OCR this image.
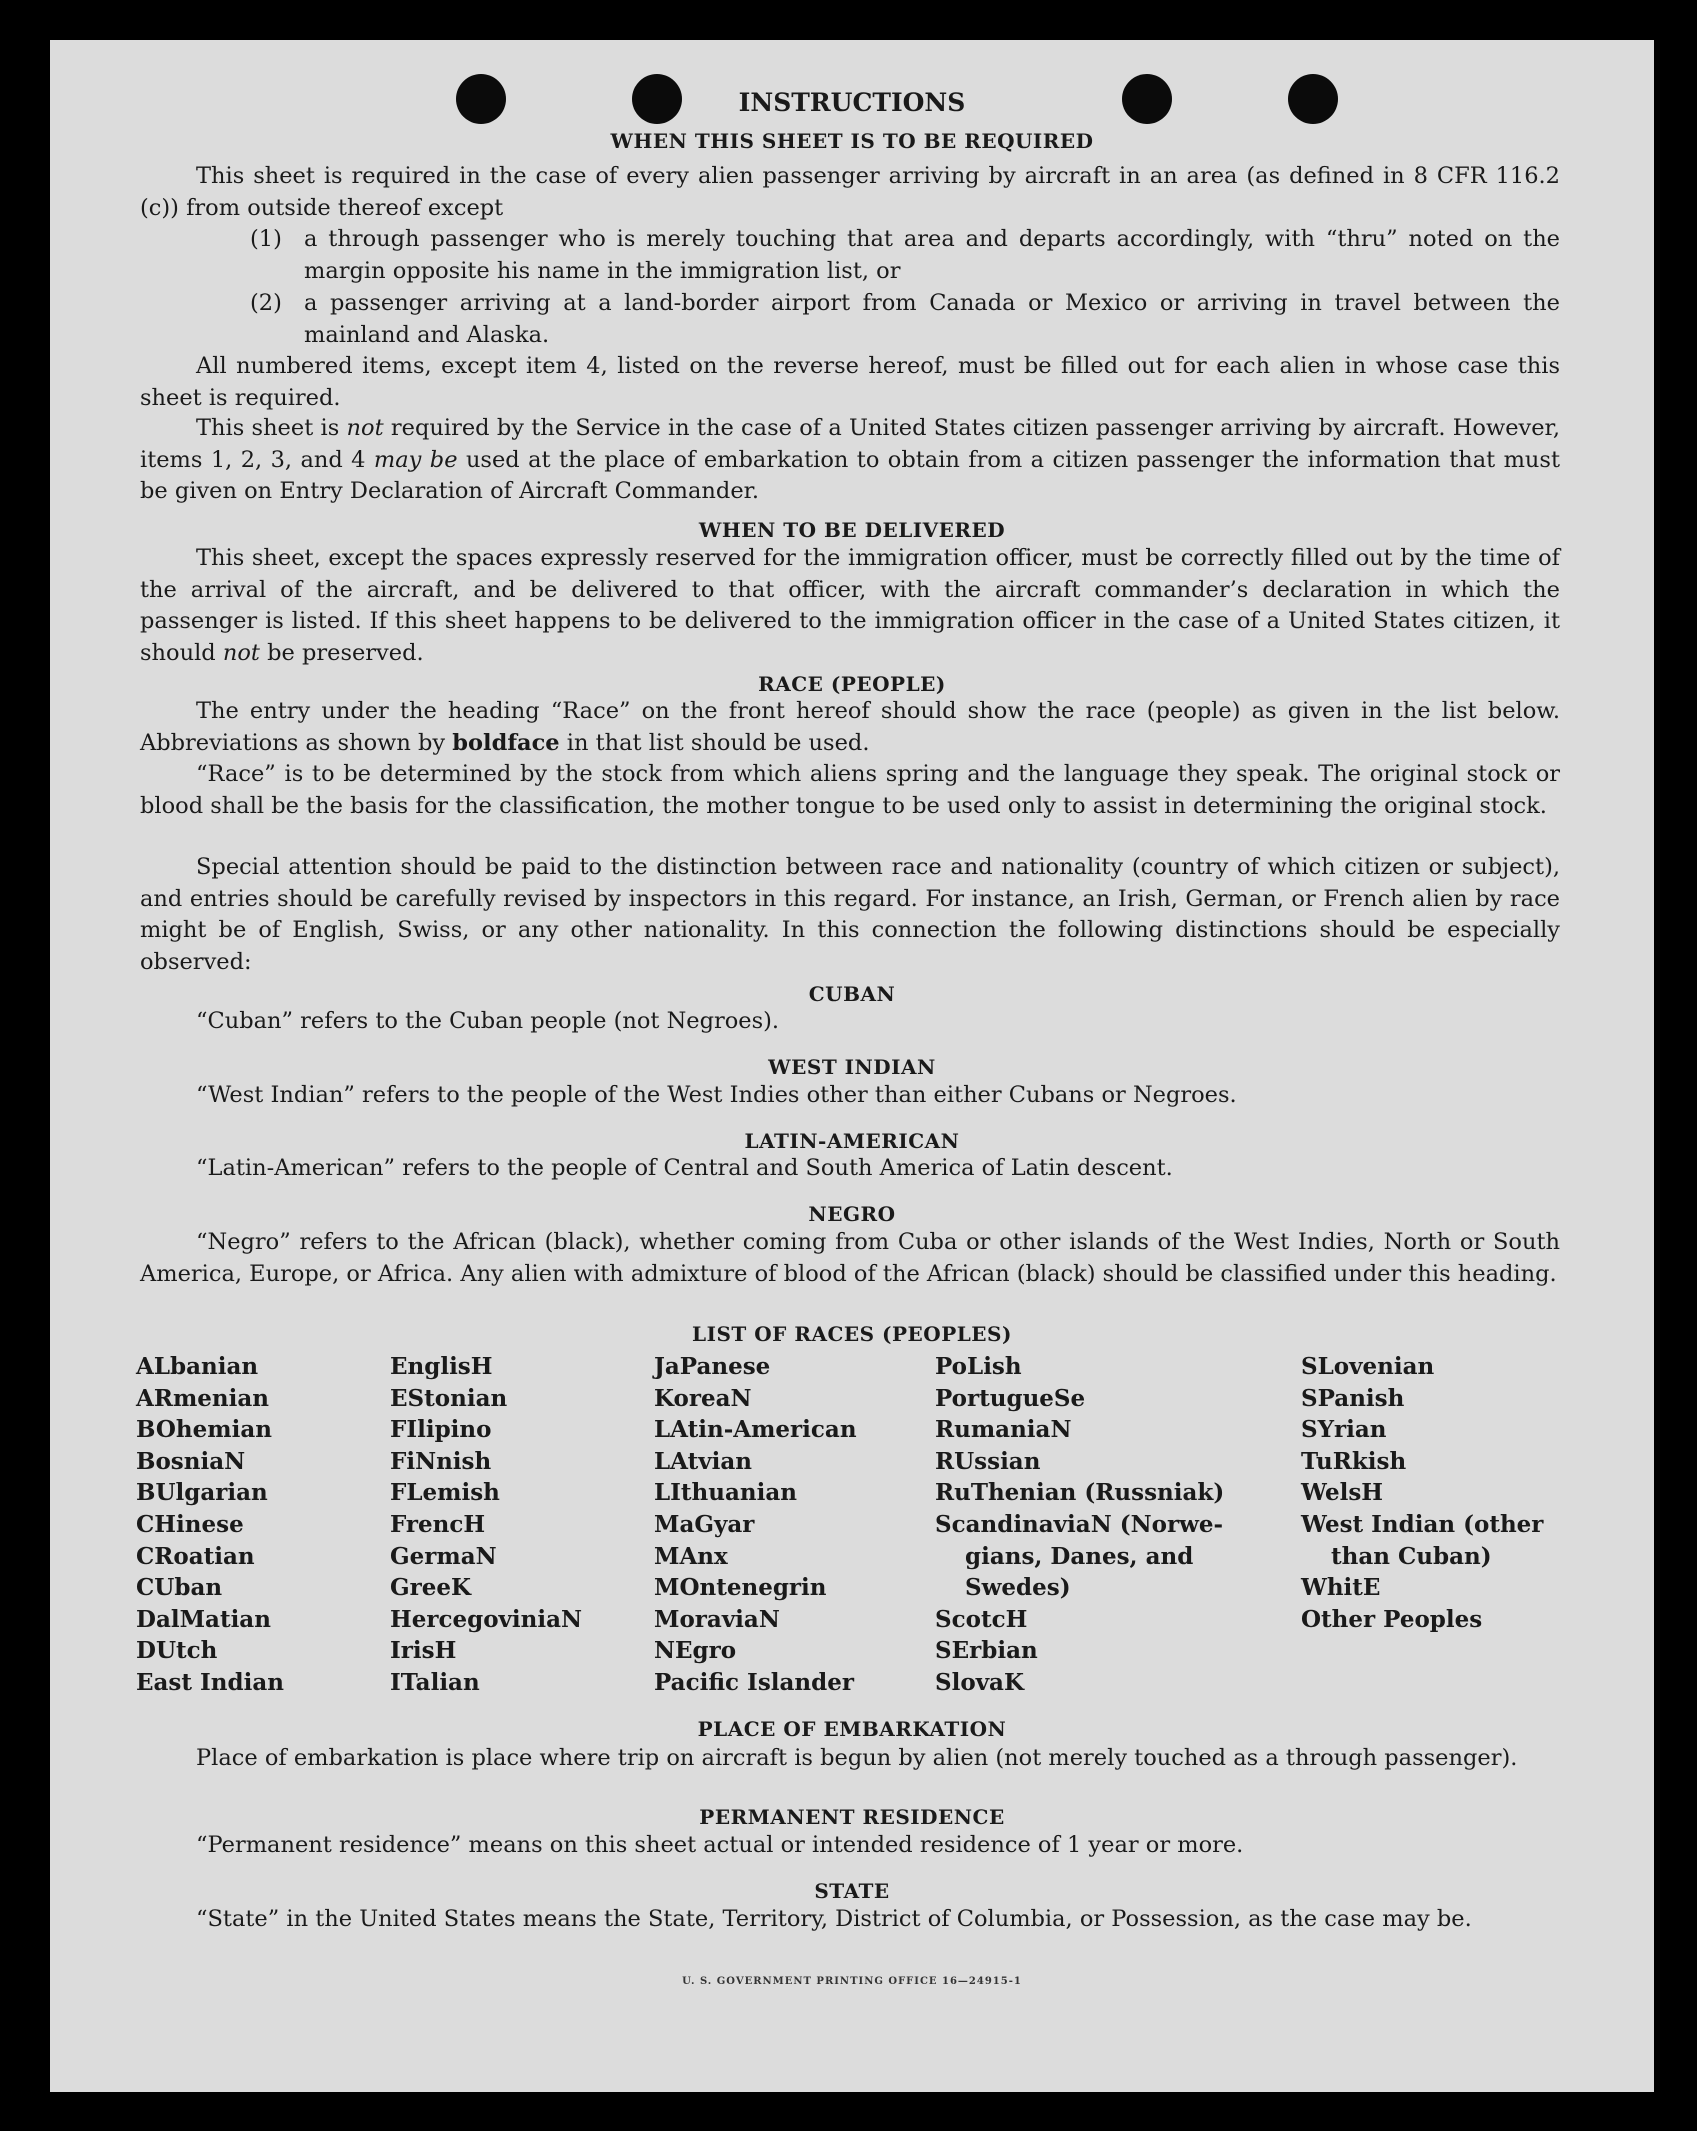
INSTRUCTIONS
WHEN THIS SHEET IS TO BE REQUIRED
This sheet is required in the case of every alien passenger arriving by aircraft in an area (as defined in 8 CFR 116.2 (c)) from outside thereof except
(1) a through passenger who is merely touching that area and departs accordingly, with “thru” noted on the margin opposite his name in the immigration list, or
(2) a passenger arriving at a land-border airport from Canada or Mexico or arriving in travel between the mainland and Alaska.
All numbered items, except item 4, listed on the reverse hereof, must be filled out for each alien in whose case this sheet is required.
This sheet is not required by the Service in the case of a United States citizen passenger arriving by aircraft. However, items 1, 2, 3, and 4 may be used at the place of embarkation to obtain from a citizen passenger the information that must be given on Entry Declaration of Aircraft Commander.
WHEN TO BE DELIVERED
This sheet, except the spaces expressly reserved for the immigration officer, must be correctly filled out by the time of the arrival of the aircraft, and be delivered to that officer, with the aircraft commander’s declaration in which the passenger is listed. If this sheet happens to be delivered to the immigration officer in the case of a United States citizen, it should not be preserved.
RACE (PEOPLE)
The entry under the heading “Race” on the front hereof should show the race (people) as given in the list below. Abbreviations as shown by boldface in that list should be used.
“Race” is to be determined by the stock from which aliens spring and the language they speak. The original stock or blood shall be the basis for the classification, the mother tongue to be used only to assist in determining the original stock.
Special attention should be paid to the distinction between race and nationality (country of which citizen or subject), and entries should be carefully revised by inspectors in this regard. For instance, an Irish, German, or French alien by race might be of English, Swiss, or any other nationality. In this connection the following distinctions should be especially observed:
CUBAN
“Cuban” refers to the Cuban people (not Negroes).
WEST INDIAN
“West Indian” refers to the people of the West Indies other than either Cubans or Negroes.
LATIN-AMERICAN
“Latin-American” refers to the people of Central and South America of Latin descent.
NEGRO
“Negro” refers to the African (black), whether coming from Cuba or other islands of the West Indies, North or South America, Europe, or Africa. Any alien with admixture of blood of the African (black) should be classified under this heading.
LIST OF RACES (PEOPLES)
ALbanian
ARmenian
BOhemian
BosniaN
BUlgarian
CHinese
CRoatian
CUban
DalMatian
DUtch
East Indian
EnglisH
EStonian
FIlipino
FiNnish
FLemish
FrencH
GermaN
GreeK
HercegoviniaN
IrisH
ITalian
JaPanese
KoreaN
LAtin-American
LAtvian
LIthuanian
MaGyar
MAnx
MOntenegrin
MoraviaN
NEgro
Pacific Islander
PoLish
PortugueSe
RumaniaN
RUssian
RuThenian (Russniak)
ScandinaviaN (Norwe-
gians, Danes, and
Swedes)
ScotcH
SErbian
SlovaK
SLovenian
SPanish
SYrian
TuRkish
WelsH
West Indian (other
than Cuban)
WhitE
Other Peoples
PLACE OF EMBARKATION
Place of embarkation is place where trip on aircraft is begun by alien (not merely touched as a through passenger).
PERMANENT RESIDENCE
“Permanent residence” means on this sheet actual or intended residence of 1 year or more.
STATE
“State” in the United States means the State, Territory, District of Columbia, or Possession, as the case may be.
U. S. GOVERNMENT PRINTING OFFICE 16—24915-1
